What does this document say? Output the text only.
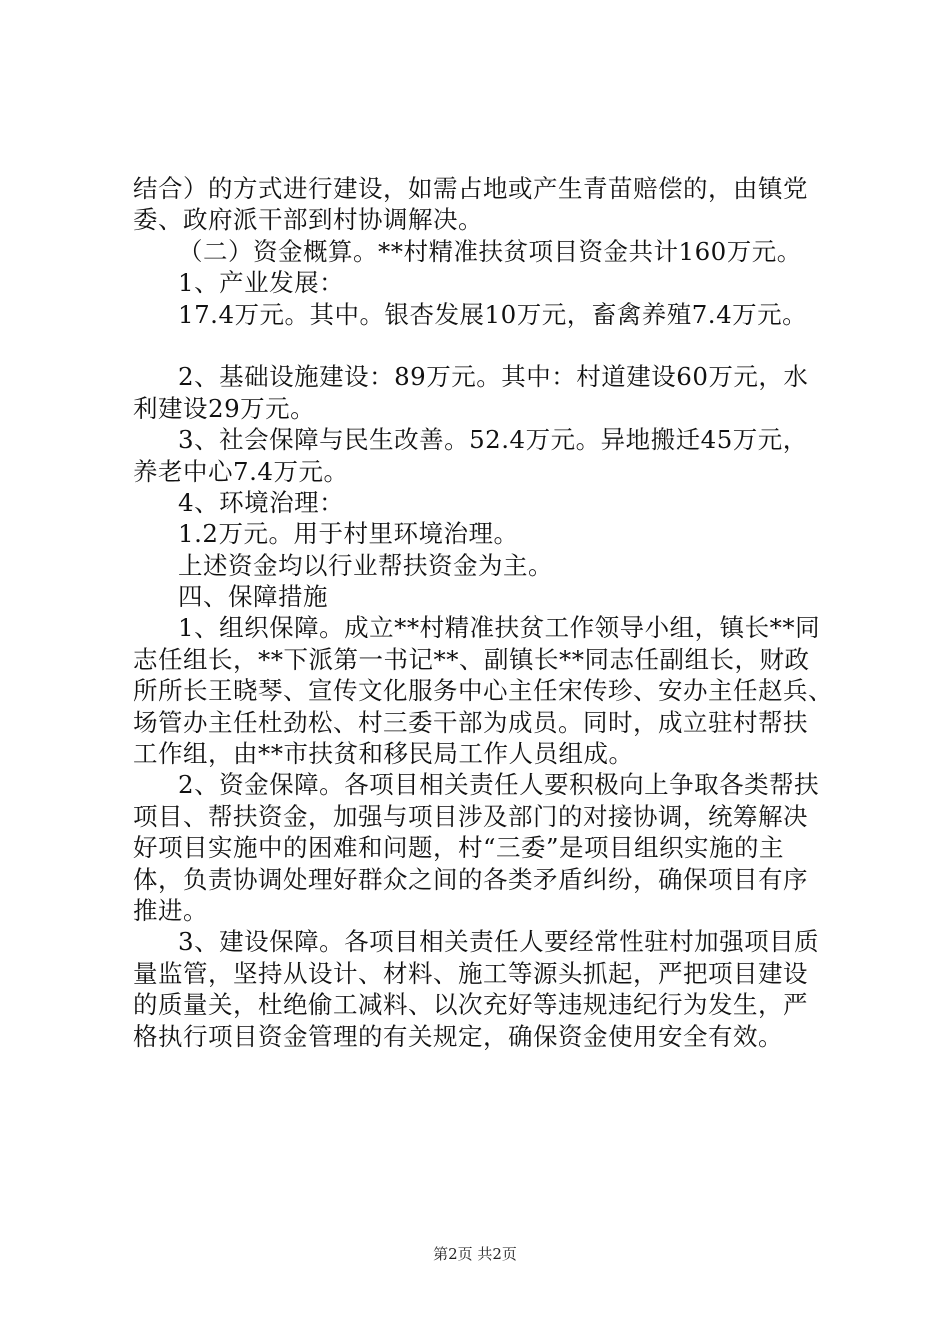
结合）的方式进行建设，如需占地或产生青苗赔偿的，由镇党
委、政府派干部到村协调解决。
（二）资金概算。**村精准扶贫项目资金共计160万元。
1、产业发展：
17.4万元。其中。银杏发展10万元，畜禽养殖7.4万元。
2、基础设施建设：89万元。其中：村道建设60万元，水
利建设29万元。
3、社会保障与民生改善。52.4万元。异地搬迁45万元，
养老中心7.4万元。
4、环境治理：
1.2万元。用于村里环境治理。
上述资金均以行业帮扶资金为主。
四、保障措施
1、组织保障。成立**村精准扶贫工作领导小组，镇长**同
志任组长，**下派第一书记**、副镇长**同志任副组长，财政
所所长王晓琴、宣传文化服务中心主任宋传珍、安办主任赵兵、
场管办主任杜劲松、村三委干部为成员。同时，成立驻村帮扶
工作组，由**市扶贫和移民局工作人员组成。
2、资金保障。各项目相关责任人要积极向上争取各类帮扶
项目、帮扶资金，加强与项目涉及部门的对接协调，统筹解决
好项目实施中的困难和问题，村“三委”是项目组织实施的主
体，负责协调处理好群众之间的各类矛盾纠纷，确保项目有序
推进。
3、建设保障。各项目相关责任人要经常性驻村加强项目质
量监管，坚持从设计、材料、施工等源头抓起，严把项目建设
的质量关，杜绝偷工减料、以次充好等违规违纪行为发生，严
格执行项目资金管理的有关规定，确保资金使用安全有效。
第2页 共2页
